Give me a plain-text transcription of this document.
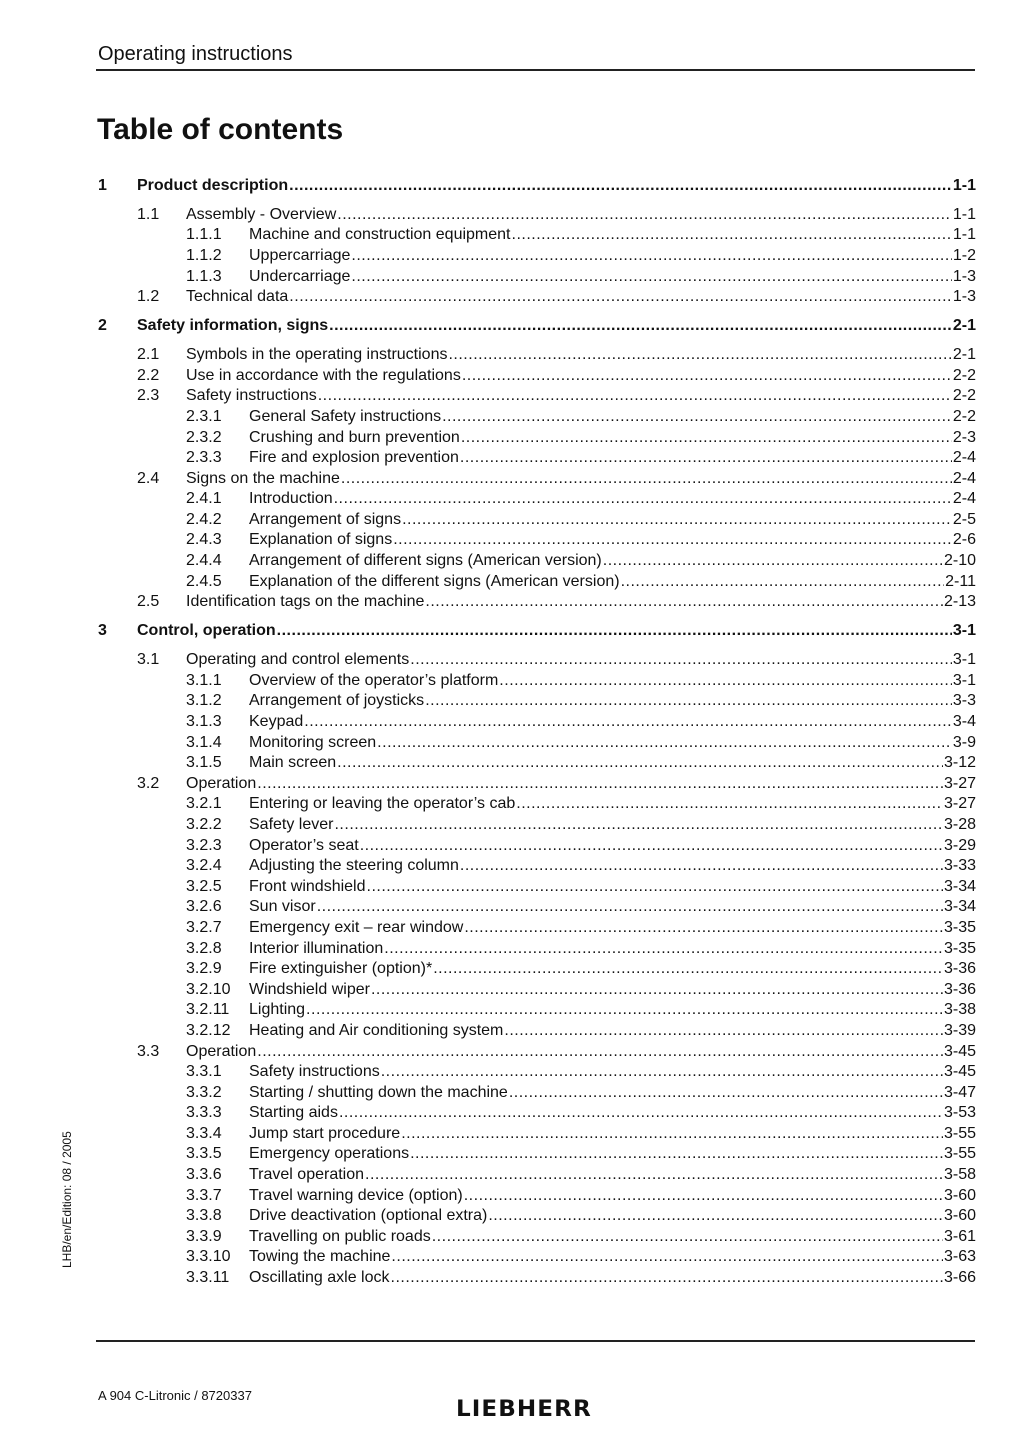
Operating instructions
Table of contents
1	Product description .....	1-1
1.1	Assembly - Overview .....	1-1
1.1.1	Machine and construction equipment .....	1-1
1.1.2	Uppercarriage .....	1-2
1.1.3	Undercarriage .....	1-3
1.2	Technical data .....	1-3
2	Safety information, signs .....	2-1
2.1	Symbols in the operating instructions .....	2-1
2.2	Use in accordance with the regulations .....	2-2
2.3	Safety instructions .....	2-2
2.3.1	General Safety instructions .....	2-2
2.3.2	Crushing and burn prevention .....	2-3
2.3.3	Fire and explosion prevention .....	2-4
2.4	Signs on the machine .....	2-4
2.4.1	Introduction .....	2-4
2.4.2	Arrangement of signs .....	2-5
2.4.3	Explanation of signs .....	2-6
2.4.4	Arrangement of different signs (American version) .....	2-10
2.4.5	Explanation of the different signs (American version) .....	2-11
2.5	Identification tags on the machine .....	2-13
3	Control, operation .....	3-1
3.1	Operating and control elements .....	3-1
3.1.1	Overview of the operator’s platform .....	3-1
3.1.2	Arrangement of joysticks .....	3-3
3.1.3	Keypad .....	3-4
3.1.4	Monitoring screen .....	3-9
3.1.5	Main screen .....	3-12
3.2	Operation .....	3-27
3.2.1	Entering or leaving the operator’s cab .....	3-27
3.2.2	Safety lever .....	3-28
3.2.3	Operator’s seat .....	3-29
3.2.4	Adjusting the steering column .....	3-33
3.2.5	Front windshield .....	3-34
3.2.6	Sun visor .....	3-34
3.2.7	Emergency exit – rear window .....	3-35
3.2.8	Interior illumination .....	3-35
3.2.9	Fire extinguisher (option)* .....	3-36
3.2.10	Windshield wiper .....	3-36
3.2.11	Lighting .....	3-38
3.2.12	Heating and Air conditioning system .....	3-39
3.3	Operation .....	3-45
3.3.1	Safety instructions .....	3-45
3.3.2	Starting / shutting down the machine .....	3-47
3.3.3	Starting aids .....	3-53
3.3.4	Jump start procedure .....	3-55
3.3.5	Emergency operations .....	3-55
3.3.6	Travel operation .....	3-58
3.3.7	Travel warning device (option) .....	3-60
3.3.8	Drive deactivation (optional extra) .....	3-60
3.3.9	Travelling on public roads .....	3-61
3.3.10	Towing the machine .....	3-63
3.3.11	Oscillating axle lock .....	3-66
LHB/en/Edition: 08 / 2005
A 904 C-Litronic / 8720337
LIEBHERR
